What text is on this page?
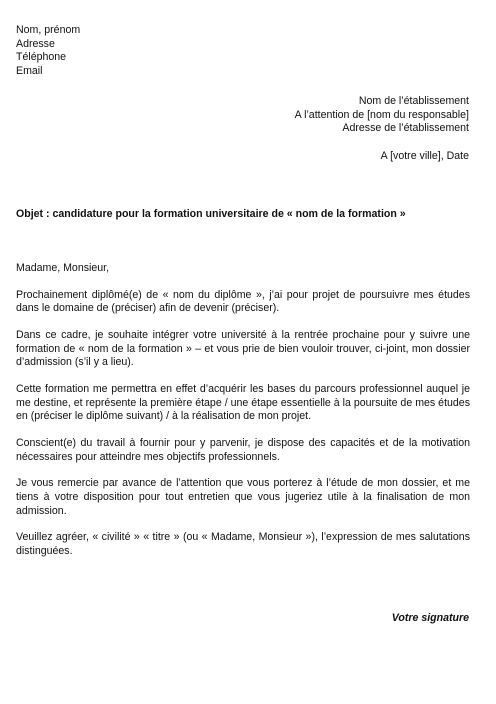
Nom, prénom
Adresse
Téléphone
Email
Nom de l’établissement
A l’attention de [nom du responsable]
Adresse de l’établissement
A [votre ville], Date
Objet : candidature pour la formation universitaire de « nom de la formation »

Madame, Monsieur,

Prochainement diplômé(e) de « nom du diplôme », j’ai pour projet de poursuivre mes études dans le domaine de (préciser) afin de devenir (préciser).

Dans ce cadre, je souhaite intégrer votre université à la rentrée prochaine pour y suivre une formation de « nom de la formation » – et vous prie de bien vouloir trouver, ci-joint, mon dossier d’admission (s’il y a lieu).

Cette formation me permettra en effet d’acquérir les bases du parcours professionnel auquel je me destine, et représente la première étape / une étape essentielle à la poursuite de mes études en (préciser le diplôme suivant) / à la réalisation de mon projet.

Conscient(e) du travail à fournir pour y parvenir, je dispose des capacités et de la motivation nécessaires pour atteindre mes objectifs professionnels.

Je vous remercie par avance de l’attention que vous porterez à l’étude de mon dossier, et me tiens à votre disposition pour tout entretien que vous jugeriez utile à la finalisation de mon admission.

Veuillez agréer, « civilité » « titre » (ou « Madame, Monsieur »), l’expression de mes salutations distinguées.

Votre signature
